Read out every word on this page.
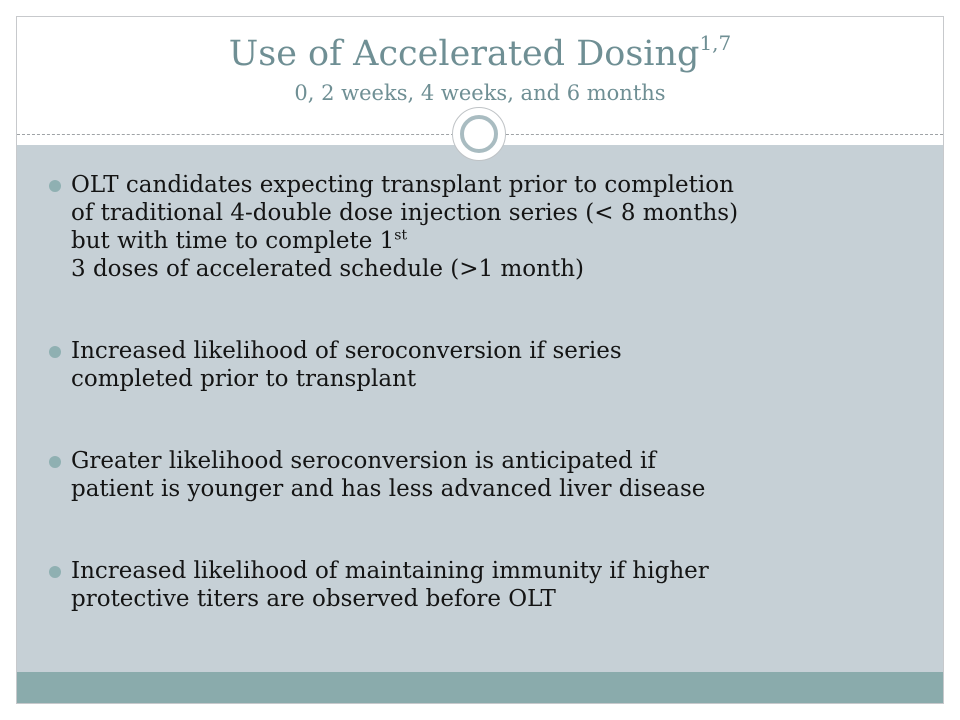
Use of Accelerated Dosing$^{1,7}$
0, 2 weeks, 4 weeks, and 6 months
OLT candidates expecting transplant prior to completion
of traditional 4-double dose injection series (< 8 months)
but with time to complete 1st
3 doses of accelerated schedule (>1 month)
Increased likelihood of seroconversion if series
completed prior to transplant
Greater likelihood seroconversion is anticipated if
patient is younger and has less advanced liver disease
Increased likelihood of maintaining immunity if higher
protective titers are observed before OLT
